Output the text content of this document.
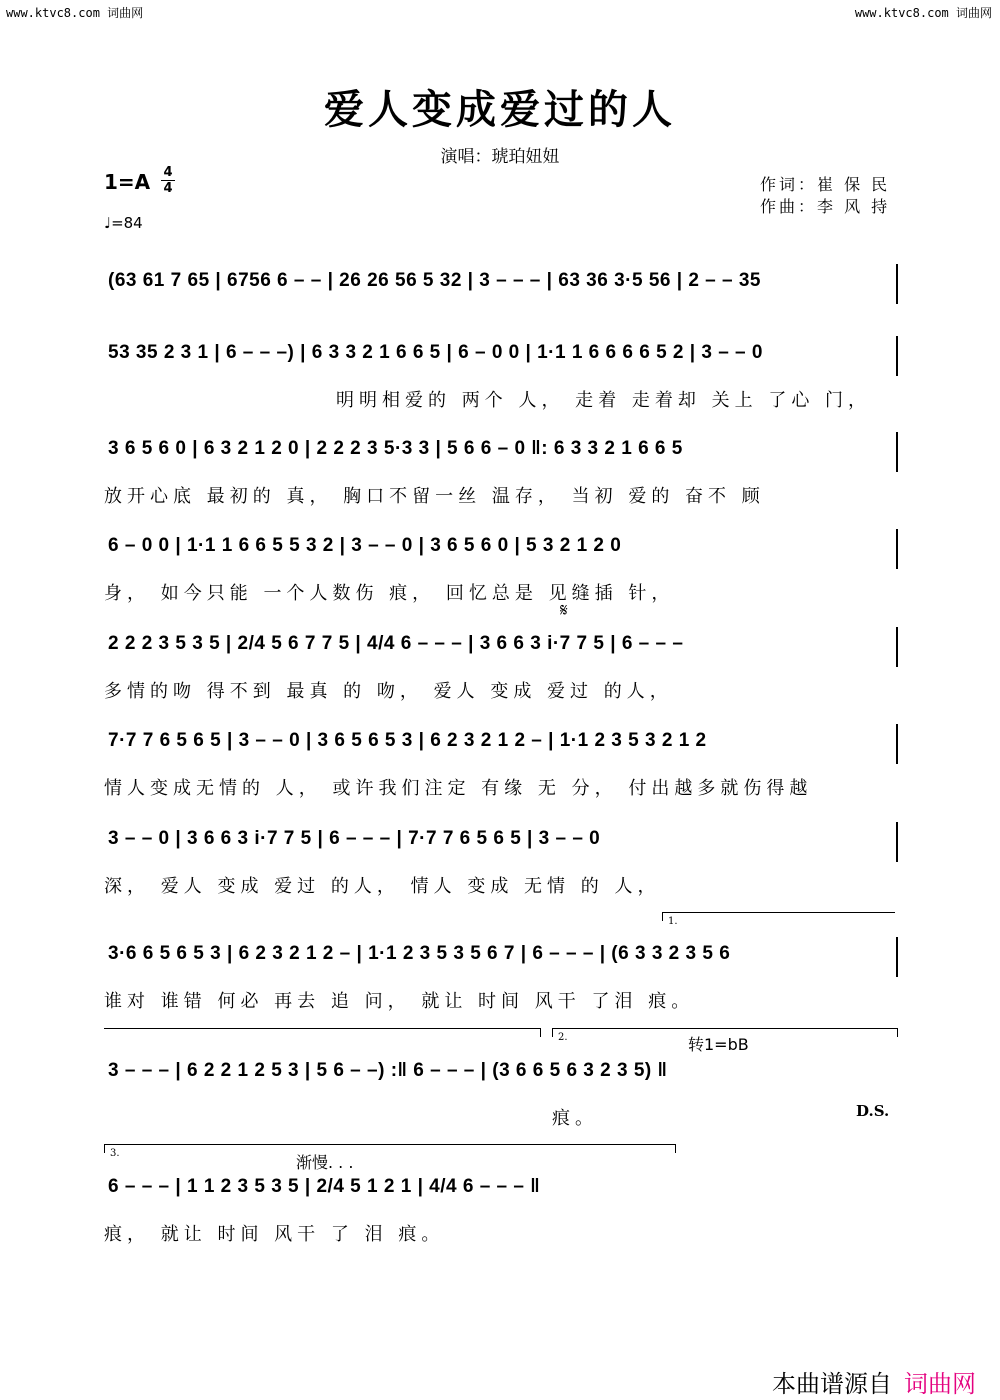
www.ktvc8.com 词曲网	www.ktvc8.com 词曲网
爱人变成爱过的人
演唱：琥珀妞妞
1=A 4
4
♩=84
作词：崔 保 民
作曲：李 风 持
(63 61 7 65 | 6756 6 – – | 26 26 56 5 32 | 3 – – – | 63 36 3·5 56 | 2 – – 35
53 35 2 3 1 | 6 – – –) | 6 3 3 2 1 6 6 5 | 6 – 0 0 | 1·1 1 6 6 6 6 5 2 | 3 – – 0
明明相爱的 两个 人， 走着 走着却 关上 了心 门，
3 6 5 6 0 | 6 3 2 1 2 0 | 2 2 2 3 5·3 3 | 5 6 6 – 0 ‖: 6 3 3 2 1 6 6 5
放开心底 最初的 真， 胸口不留一丝 温存， 当初 爱的 奋不 顾
6 – 0 0 | 1·1 1 6 6 5 5 3 2 | 3 – – 0 | 3 6 5 6 0 | 5 3 2 1 2 0
身， 如今只能 一个人数伤 痕， 回忆总是 见缝插 针，
𝄋
2 2 2 3 5 3 5 | 2/4 5 6 7 7 5 | 4/4 6 – – – | 3 6 6 3 i·7 7 5 | 6 – – –
多情的吻 得不到 最真 的 吻， 爱人 变成 爱过 的人，
7·7 7 6 5 6 5 | 3 – – 0 | 3 6 5 6 5 3 | 6 2 3 2 1 2 – | 1·1 2 3 5 3 2 1 2
情人变成无情的 人， 或许我们注定 有缘 无 分， 付出越多就伤得越
3 – – 0 | 3 6 6 3 i·7 7 5 | 6 – – – | 7·7 7 6 5 6 5 | 3 – – 0
深， 爱人 变成 爱过 的人， 情人 变成 无情 的 人，
1.
3·6 6 5 6 5 3 | 6 2 3 2 1 2 – | 1·1 2 3 5 3 5 6 7 | 6 – – – | (6 3 3 2 3 5 6
谁对 谁错 何必 再去 追 问， 就让 时间 风干 了泪 痕。
2.	转1=bB
3 – – – | 6 2 2 1 2 5 3 | 5 6 – –) :‖ 6 – – – | (3 6 6 5 6 3 2 3 5) ‖
痕。	D.S.
3.	渐慢. . .
6 – – – | 1 1 2 3 5 3 5 | 2/4 5 1 2 1 | 4/4 6 – – – ‖
痕， 就让 时间 风干 了 泪 痕。
本曲谱源自 词曲网
